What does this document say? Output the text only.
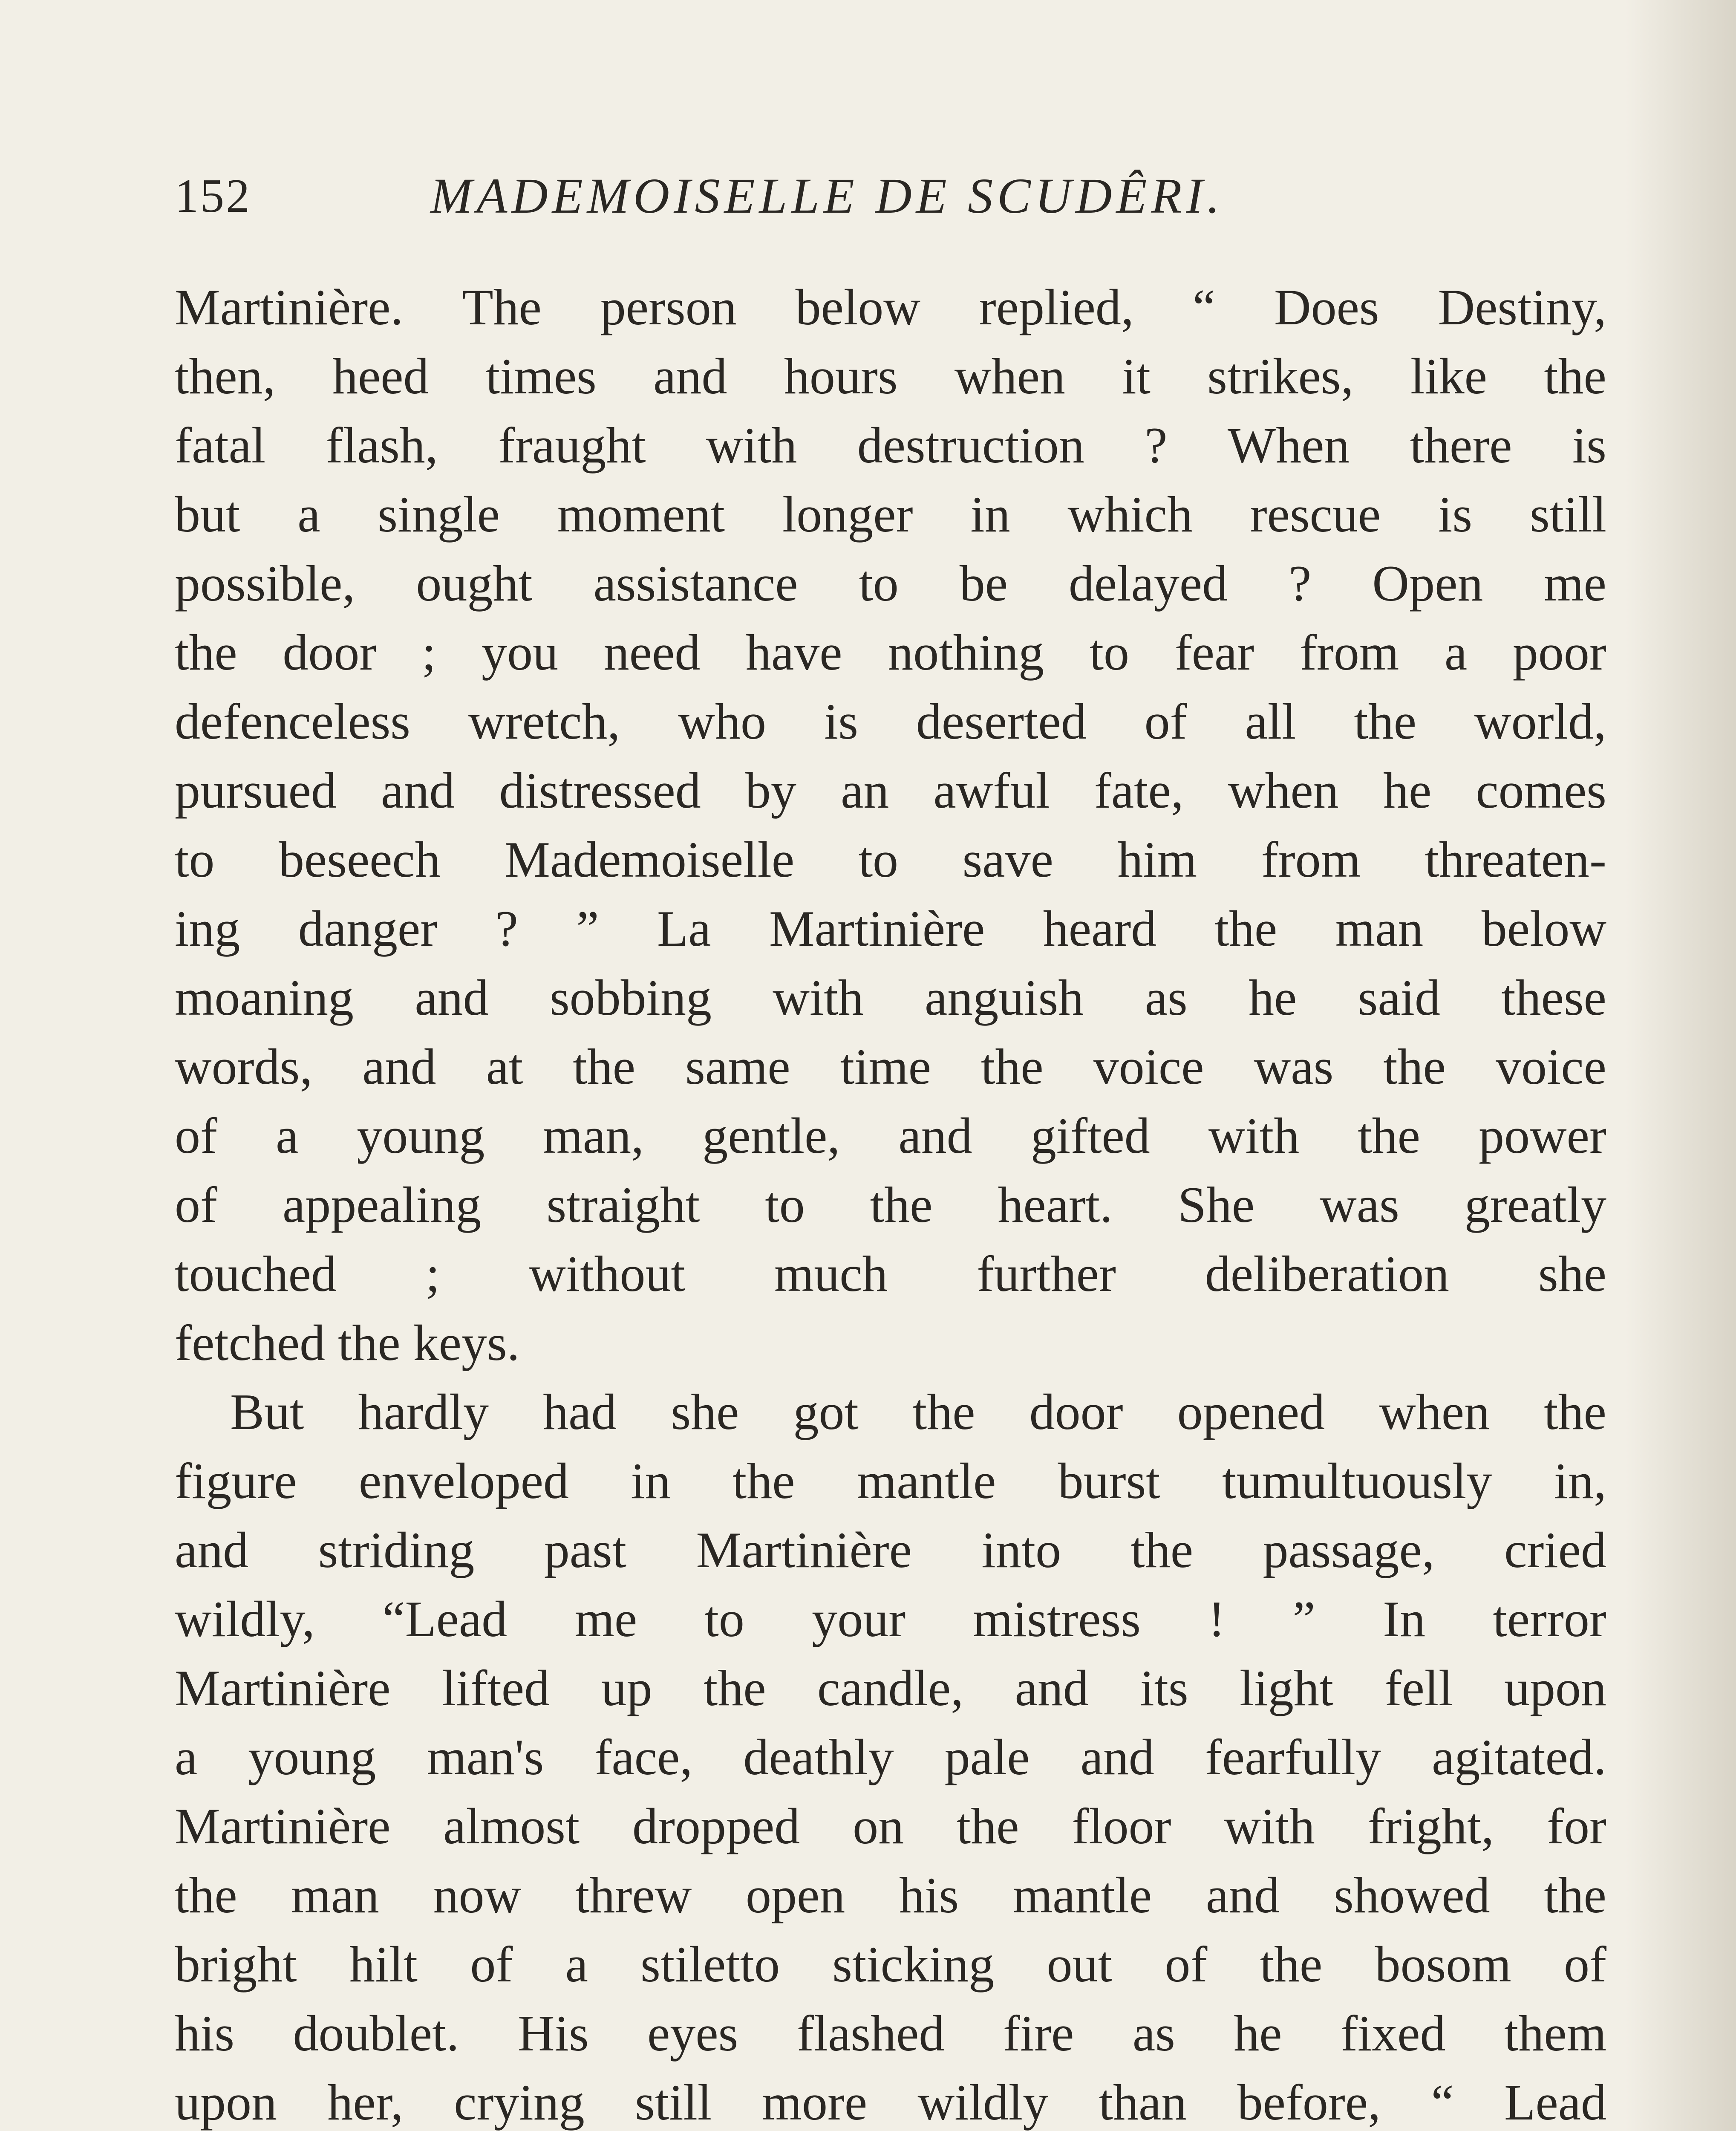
152	MADEMOISELLE DE SCUDÊRI.
Martinière. The person below replied, “ Does Destiny,
then, heed times and hours when it strikes, like the
fatal flash, fraught with destruction ? When there is
but a single moment longer in which rescue is still
possible, ought assistance to be delayed ? Open me
the door ; you need have nothing to fear from a poor
defenceless wretch, who is deserted of all the world,
pursued and distressed by an awful fate, when he comes
to beseech Mademoiselle to save him from threaten-
ing danger ? ” La Martinière heard the man below
moaning and sobbing with anguish as he said these
words, and at the same time the voice was the voice
of a young man, gentle, and gifted with the power
of appealing straight to the heart. She was greatly
touched ; without much further deliberation she
fetched the keys.
But hardly had she got the door opened when the
figure enveloped in the mantle burst tumultuously in,
and striding past Martinière into the passage, cried
wildly, “Lead me to your mistress ! ” In terror
Martinière lifted up the candle, and its light fell upon
a young man's face, deathly pale and fearfully agitated.
Martinière almost dropped on the floor with fright, for
the man now threw open his mantle and showed the
bright hilt of a stiletto sticking out of the bosom of
his doublet. His eyes flashed fire as he fixed them
upon her, crying still more wildly than before, “ Lead
